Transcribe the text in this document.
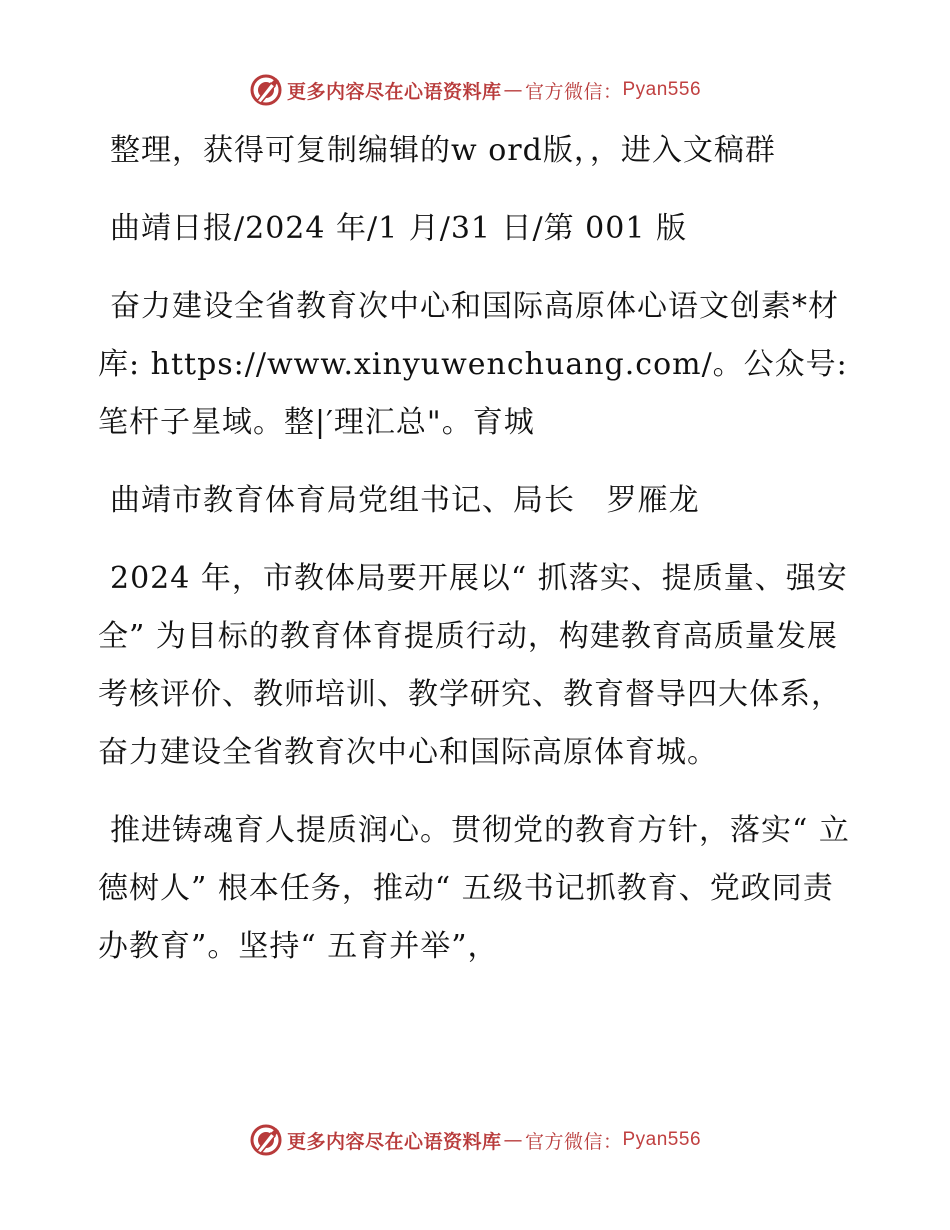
更多内容尽在心语资料库 — 官方微信： Pyan556

整理，获得可复制编辑的w ord版，，进入文稿群

曲靖日报/2024 年/1 月/31 日/第 001 版

奋力建设全省教育次中心和国际高原体心语文创素*材库: https://www.xinyuwenchuang.com/。公众号: 笔杆子星域。整|′理汇总"。育城

曲靖市教育体育局党组书记、局长   罗雁龙

2024 年，市教体局要开展以“ 抓落实、提质量、强安全” 为目标的教育体育提质行动，构建教育高质量发展考核评价、教师培训、教学研究、教育督导四大体系，奋力建设全省教育次中心和国际高原体育城。

推进铸魂育人提质润心。贯彻党的教育方针，落实“ 立德树人” 根本任务，推动“ 五级书记抓教育、党政同责办教育”。坚持“ 五育并举”，

更多内容尽在心语资料库 — 官方微信： Pyan556
